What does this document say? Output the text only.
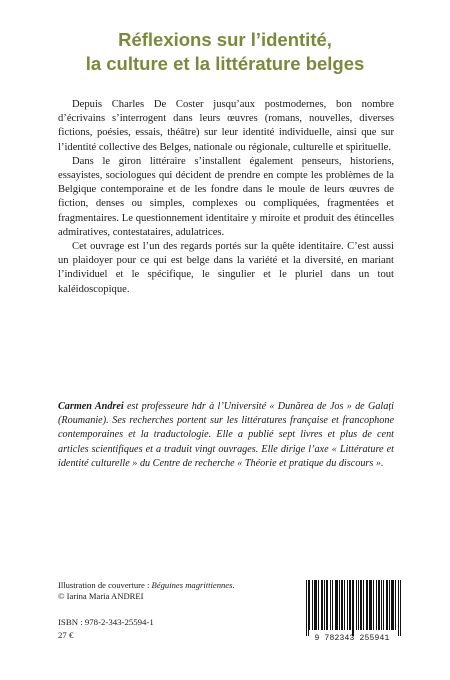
Réflexions sur l’identité,
la culture et la littérature belges

Depuis Charles De Coster jusqu’aux postmodernes, bon nombre d’écrivains s’interrogent dans leurs œuvres (romans, nouvelles, diverses fictions, poésies, essais, théâtre) sur leur identité individuelle, ainsi que sur l’identité collective des Belges, nationale ou régionale, culturelle et spirituelle.

Dans le giron littéraire s’installent également penseurs, historiens, essayistes, sociologues qui décident de prendre en compte les problèmes de la Belgique contemporaine et de les fondre dans le moule de leurs œuvres de fiction, denses ou simples, complexes ou compliquées, fragmentées et fragmentaires. Le questionnement identitaire y miroite et produit des étincelles admiratives, contestataires, adulatrices.

Cet ouvrage est l’un des regards portés sur la quête identitaire. C’est aussi un plaidoyer pour ce qui est belge dans la variété et la diversité, en mariant l’individuel et le spécifique, le singulier et le pluriel dans un tout kaléidoscopique.

Carmen Andrei est professeure hdr à l’Université « Dunărea de Jos » de Galați (Roumanie). Ses recherches portent sur les littératures française et francophone contemporaines et la traductologie. Elle a publié sept livres et plus de cent articles scientifiques et a traduit vingt ouvrages. Elle dirige l’axe « Littérature et identité culturelle » du Centre de recherche « Théorie et pratique du discours ».
Illustration de couverture : Béguines magrittiennes.
© Iarina Maria ANDREI
ISBN : 978-2-343-25594-1
27 €	9 782343 255941
